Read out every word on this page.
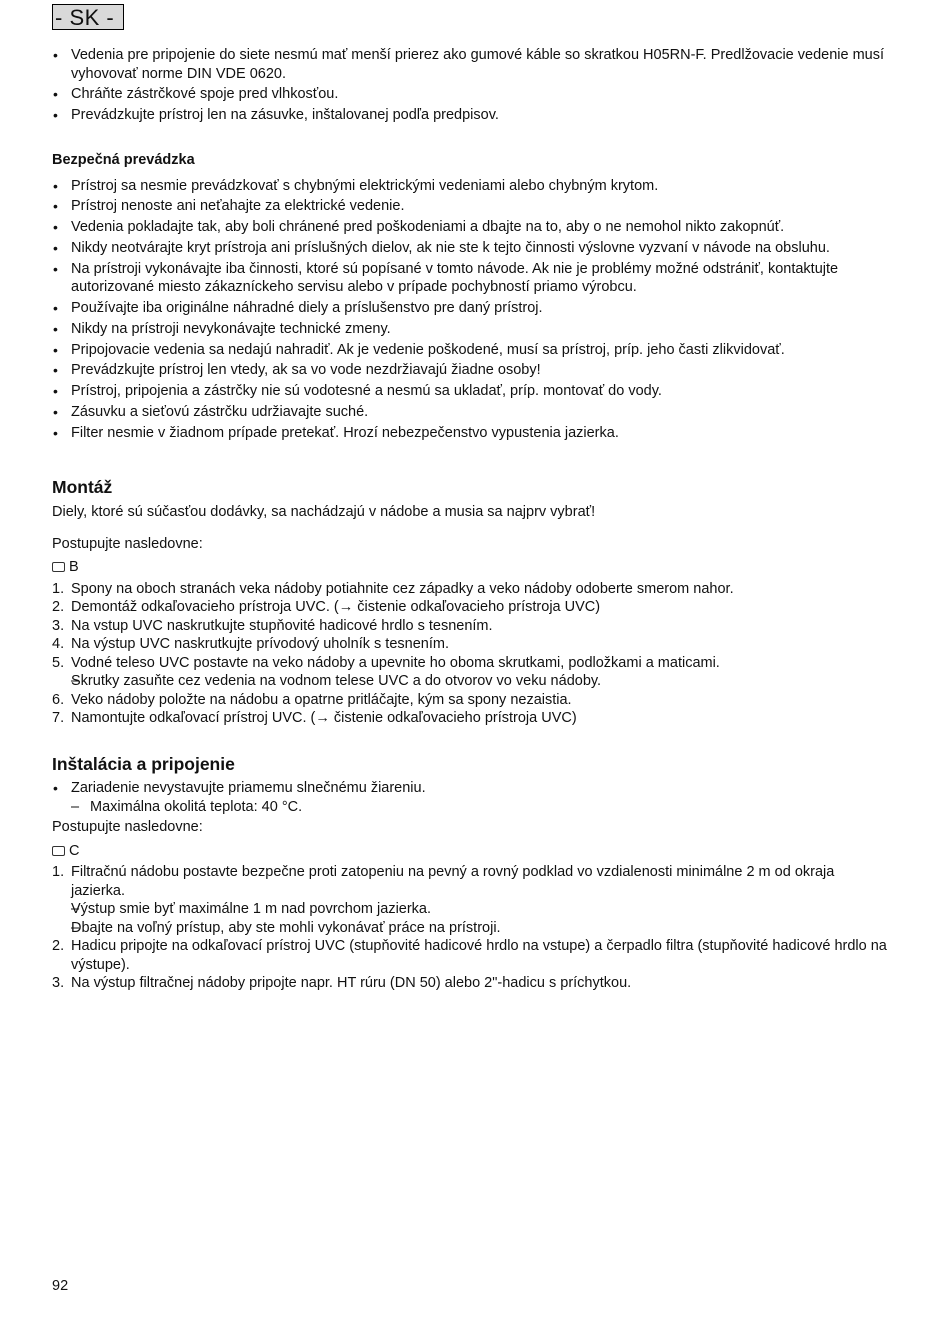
- SK -
• Vedenia pre pripojenie do siete nesmú mať menší prierez ako gumové káble so skratkou H05RN-F. Predlžovacie vedenie musí vyhovovať norme DIN VDE 0620.
• Chráňte zástrčkové spoje pred vlhkosťou.
• Prevádzkujte prístroj len na zásuvke, inštalovanej podľa predpisov.
Bezpečná prevádzka
• Prístroj sa nesmie prevádzkovať s chybnými elektrickými vedeniami alebo chybným krytom.
• Prístroj nenoste ani neťahajte za elektrické vedenie.
• Vedenia pokladajte tak, aby boli chránené pred poškodeniami a dbajte na to, aby o ne nemohol nikto zakopnúť.
• Nikdy neotvárajte kryt prístroja ani príslušných dielov, ak nie ste k tejto činnosti výslovne vyzvaní v návode na obsluhu.
• Na prístroji vykonávajte iba činnosti, ktoré sú popísané v tomto návode. Ak nie je problémy možné odstrániť, kontaktujte autorizované miesto zákazníckeho servisu alebo v prípade pochybností priamo výrobcu.
• Používajte iba originálne náhradné diely a príslušenstvo pre daný prístroj.
• Nikdy na prístroji nevykonávajte technické zmeny.
• Pripojovacie vedenia sa nedajú nahradiť. Ak je vedenie poškodené, musí sa prístroj, príp. jeho časti zlikvidovať.
• Prevádzkujte prístroj len vtedy, ak sa vo vode nezdržiavajú žiadne osoby!
• Prístroj, pripojenia a zástrčky nie sú vodotesné a nesmú sa ukladať, príp. montovať do vody.
• Zásuvku a sieťovú zástrčku udržiavajte suché.
• Filter nesmie v žiadnom prípade pretekať. Hrozí nebezpečenstvo vypustenia jazierka.
Montáž

Diely, ktoré sú súčasťou dodávky, sa nachádzajú v nádobe a musia sa najprv vybrať!

Postupujte nasledovne:

B
1. Spony na oboch stranách veka nádoby potiahnite cez západky a veko nádoby odoberte smerom nahor.
2. Demontáž odkaľovacieho prístroja UVC. (→ čistenie odkaľovacieho prístroja UVC)
3. Na vstup UVC naskrutkujte stupňovité hadicové hrdlo s tesnením.
4. Na výstup UVC naskrutkujte prívodový uholník s tesnením.
5. Vodné teleso UVC postavte na veko nádoby a upevnite ho oboma skrutkami, podložkami a maticami.
– Skrutky zasuňte cez vedenia na vodnom telese UVC a do otvorov vo veku nádoby.
6. Veko nádoby položte na nádobu a opatrne pritláčajte, kým sa spony nezaistia.
7. Namontujte odkaľovací prístroj UVC. (→ čistenie odkaľovacieho prístroja UVC)
Inštalácia a pripojenie
• Zariadenie nevystavujte priamemu slnečnému žiareniu.
– Maximálna okolitá teplota: 40 °C.

Postupujte nasledovne:

C
1. Filtračnú nádobu postavte bezpečne proti zatopeniu na pevný a rovný podklad vo vzdialenosti minimálne 2 m od okraja jazierka.
– Výstup smie byť maximálne 1 m nad povrchom jazierka.
– Dbajte na voľný prístup, aby ste mohli vykonávať práce na prístroji.
2. Hadicu pripojte na odkaľovací prístroj UVC (stupňovité hadicové hrdlo na vstupe) a čerpadlo filtra (stupňovité hadicové hrdlo na výstupe).
3. Na výstup filtračnej nádoby pripojte napr. HT rúru (DN 50) alebo 2"-hadicu s príchytkou.
92
